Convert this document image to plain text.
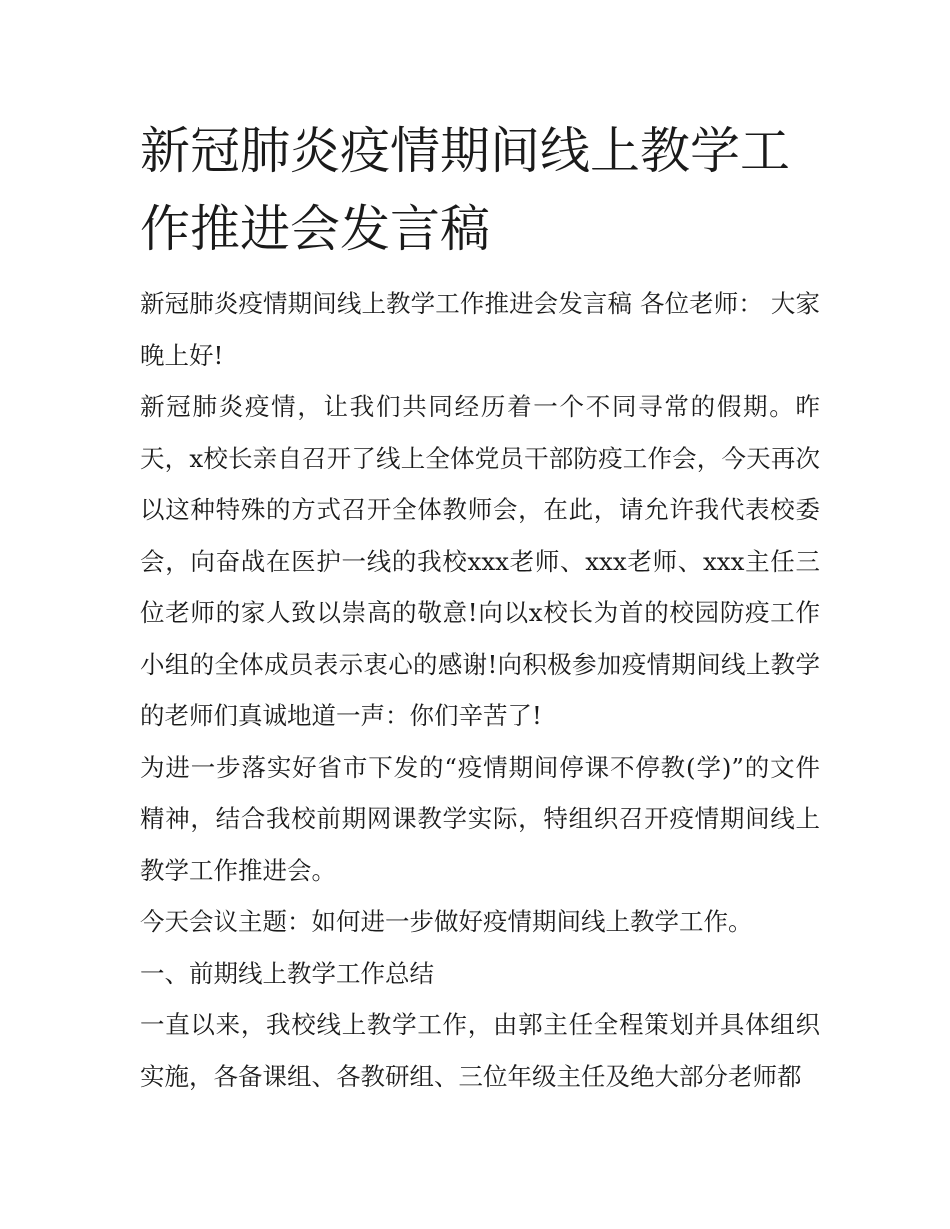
新冠肺炎疫情期间线上教学工作推进会发言稿

新冠肺炎疫情期间线上教学工作推进会发言稿 各位老师： 大家晚上好!

新冠肺炎疫情，让我们共同经历着一个不同寻常的假期。昨天，x校长亲自召开了线上全体党员干部防疫工作会，今天再次以这种特殊的方式召开全体教师会，在此，请允许我代表校委会，向奋战在医护一线的我校xxx老师、xxx老师、xxx主任三位老师的家人致以崇高的敬意!向以x校长为首的校园防疫工作小组的全体成员表示衷心的感谢!向积极参加疫情期间线上教学的老师们真诚地道一声：你们辛苦了!

为进一步落实好省市下发的“疫情期间停课不停教(学)”的文件精神，结合我校前期网课教学实际，特组织召开疫情期间线上教学工作推进会。

今天会议主题：如何进一步做好疫情期间线上教学工作。

一、前期线上教学工作总结

一直以来，我校线上教学工作，由郭主任全程策划并具体组织实施，各备课组、各教研组、三位年级主任及绝大部分老师都
